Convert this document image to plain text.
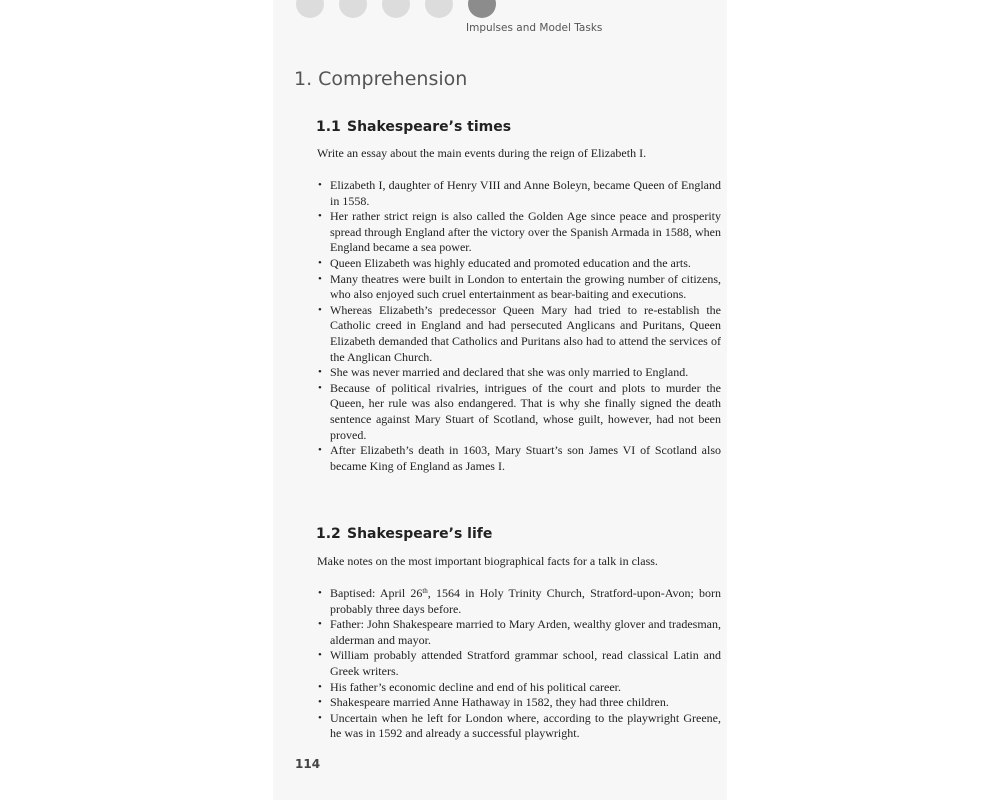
Impulses and Model Tasks
1. Comprehension
1.1 Shakespeare’s times
Write an essay about the main events during the reign of Elizabeth I.
• Elizabeth I, daughter of Henry VIII and Anne Boleyn, became Queen of England in 1558.
• Her rather strict reign is also called the Golden Age since peace and prosperity spread through England after the victory over the Spanish Armada in 1588, when England became a sea power.
• Queen Elizabeth was highly educated and promoted education and the arts.
• Many theatres were built in London to entertain the growing number of citizens, who also enjoyed such cruel entertainment as bear-baiting and executions.
• Whereas Elizabeth’s predecessor Queen Mary had tried to re-establish the Catholic creed in England and had persecuted Anglicans and Puritans, Queen Elizabeth demanded that Catholics and Puritans also had to attend the services of the Anglican Church.
• She was never married and declared that she was only married to England.
• Because of political rivalries, intrigues of the court and plots to murder the Queen, her rule was also endangered. That is why she finally signed the death sentence against Mary Stuart of Scotland, whose guilt, however, had not been proved.
• After Elizabeth’s death in 1603, Mary Stuart’s son James VI of Scotland also became King of England as James I.
1.2 Shakespeare’s life
Make notes on the most important biographical facts for a talk in class.
• Baptised: April 26th, 1564 in Holy Trinity Church, Stratford-upon-Avon; born probably three days before.
• Father: John Shakespeare married to Mary Arden, wealthy glover and tradesman, alderman and mayor.
• William probably attended Stratford grammar school, read classical Latin and Greek writers.
• His father’s economic decline and end of his political career.
• Shakespeare married Anne Hathaway in 1582, they had three children.
• Uncertain when he left for London where, according to the playwright Greene, he was in 1592 and already a successful playwright.
114
